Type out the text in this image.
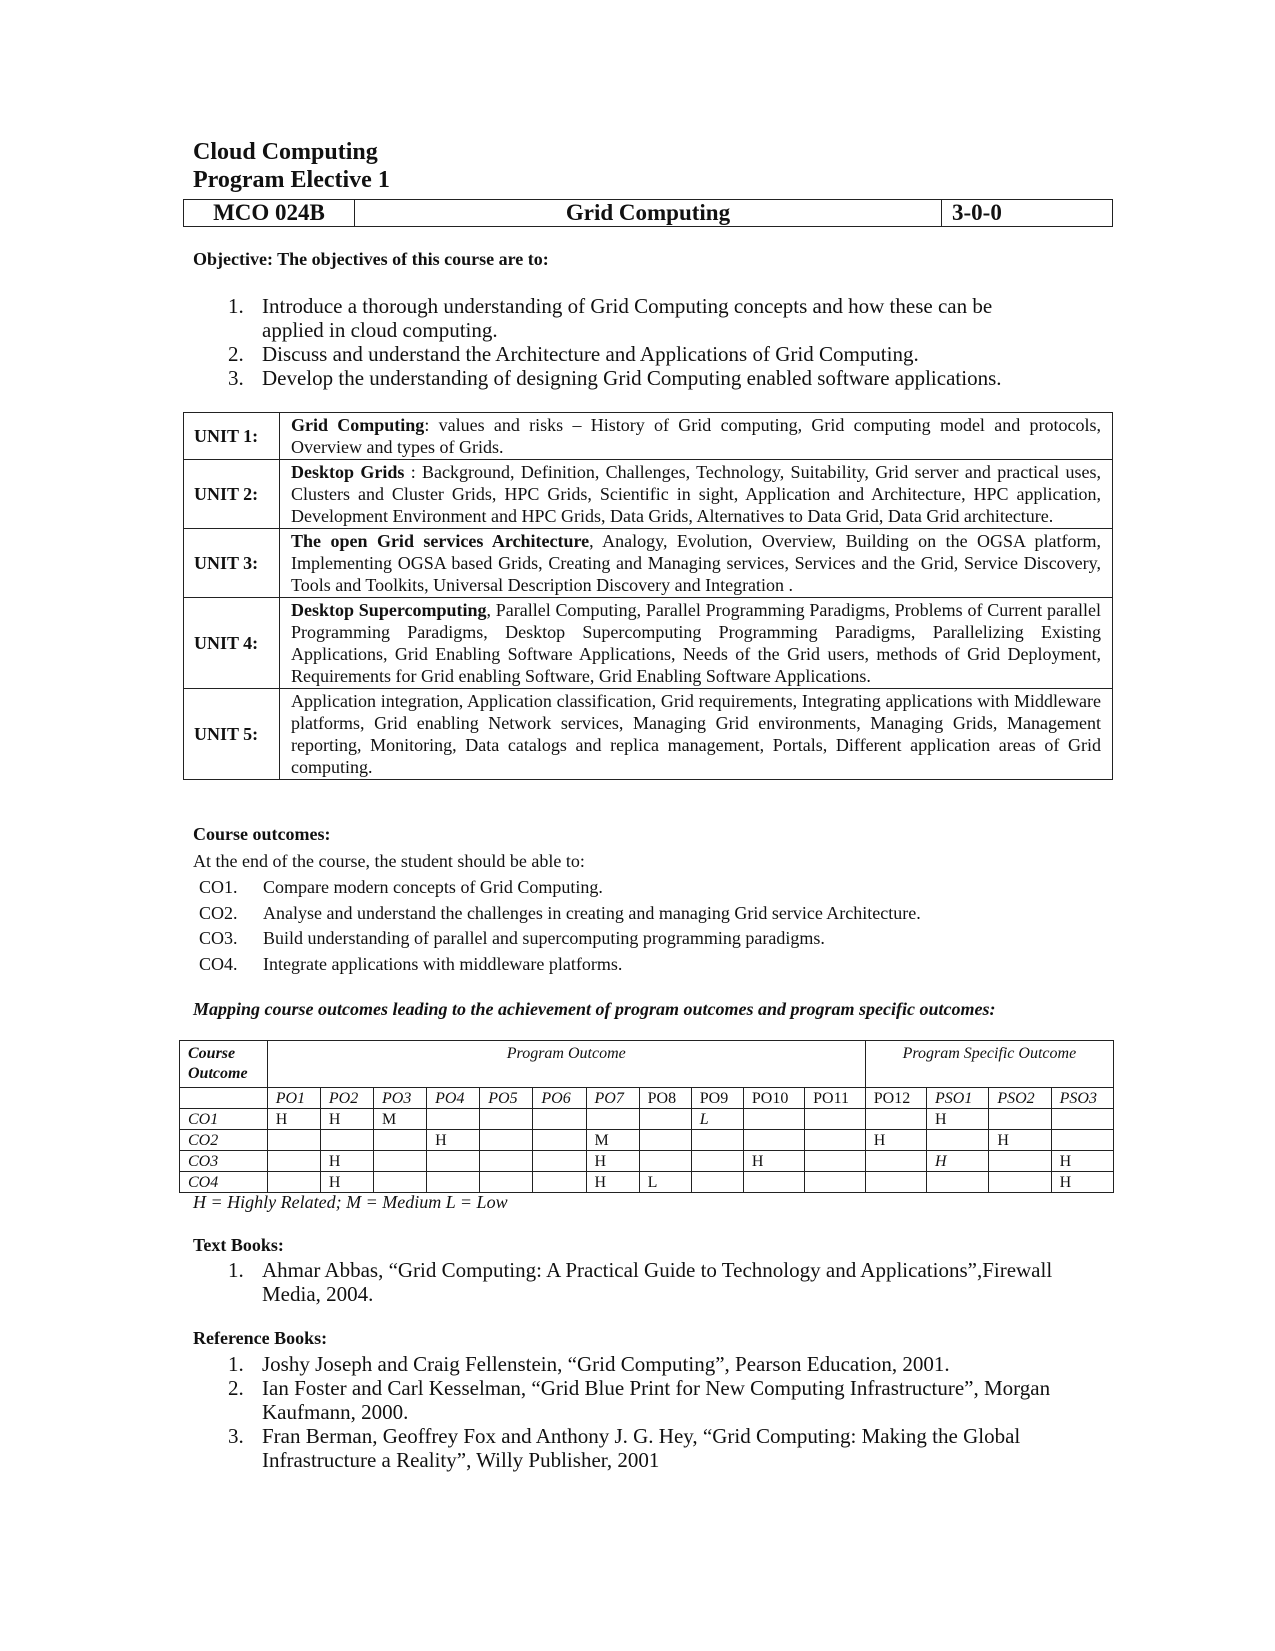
Cloud Computing

Program Elective 1

MCO 024B	Grid Computing	3-0-0
Objective: The objectives of this course are to:
1. Introduce a thorough understanding of Grid Computing concepts and how these can be applied in cloud computing.
2. Discuss and understand the Architecture and Applications of Grid Computing.
3. Develop the understanding of designing Grid Computing enabled software applications.
UNIT 1:	Grid Computing: values and risks – History of Grid computing, Grid computing model and protocols, Overview and types of Grids.
UNIT 2:	Desktop Grids : Background, Definition, Challenges, Technology, Suitability, Grid server and practical uses, Clusters and Cluster Grids, HPC Grids, Scientific in sight, Application and Architecture, HPC application, Development Environment and HPC Grids, Data Grids, Alternatives to Data Grid, Data Grid architecture.
UNIT 3:	The open Grid services Architecture, Analogy, Evolution, Overview, Building on the OGSA platform, Implementing OGSA based Grids, Creating and Managing services, Services and the Grid, Service Discovery, Tools and Toolkits, Universal Description Discovery and Integration .
UNIT 4:	Desktop Supercomputing, Parallel Computing, Parallel Programming Paradigms, Problems of Current parallel Programming Paradigms, Desktop Supercomputing Programming Paradigms, Parallelizing Existing Applications, Grid Enabling Software Applications, Needs of the Grid users, methods of Grid Deployment, Requirements for Grid enabling Software, Grid Enabling Software Applications.
UNIT 5:	Application integration, Application classification, Grid requirements, Integrating applications with Middleware platforms, Grid enabling Network services, Managing Grid environments, Managing Grids, Management reporting, Monitoring, Data catalogs and replica management, Portals, Different application areas of Grid computing.
Course outcomes:
At the end of the course, the student should be able to:
CO1.	Compare modern concepts of Grid Computing.
CO2.	Analyse and understand the challenges in creating and managing Grid service Architecture.
CO3.	Build understanding of parallel and supercomputing programming paradigms.
CO4.	Integrate applications with middleware platforms.
Mapping course outcomes leading to the achievement of program outcomes and program specific outcomes:
Course
Outcome	Program Outcome											Program Specific Outcome			
	PO1	PO2	PO3	PO4	PO5	PO6	PO7	PO8	PO9	PO10	PO11	PO12	PSO1	PSO2	PSO3
CO1	H	H	M						L				H		
CO2				H			M					H		H	
CO3		H					H			H			H		H
CO4		H					H	L							H
H = Highly Related; M = Medium L = Low
Text Books:
1. Ahmar Abbas, “Grid Computing: A Practical Guide to Technology and Applications”,Firewall Media, 2004.
Reference Books:
1. Joshy Joseph and Craig Fellenstein, “Grid Computing”, Pearson Education, 2001.
2. Ian Foster and Carl Kesselman, “Grid Blue Print for New Computing Infrastructure”, Morgan Kaufmann, 2000.
3. Fran Berman, Geoffrey Fox and Anthony J. G. Hey, “Grid Computing: Making the Global Infrastructure a Reality”, Willy Publisher, 2001
